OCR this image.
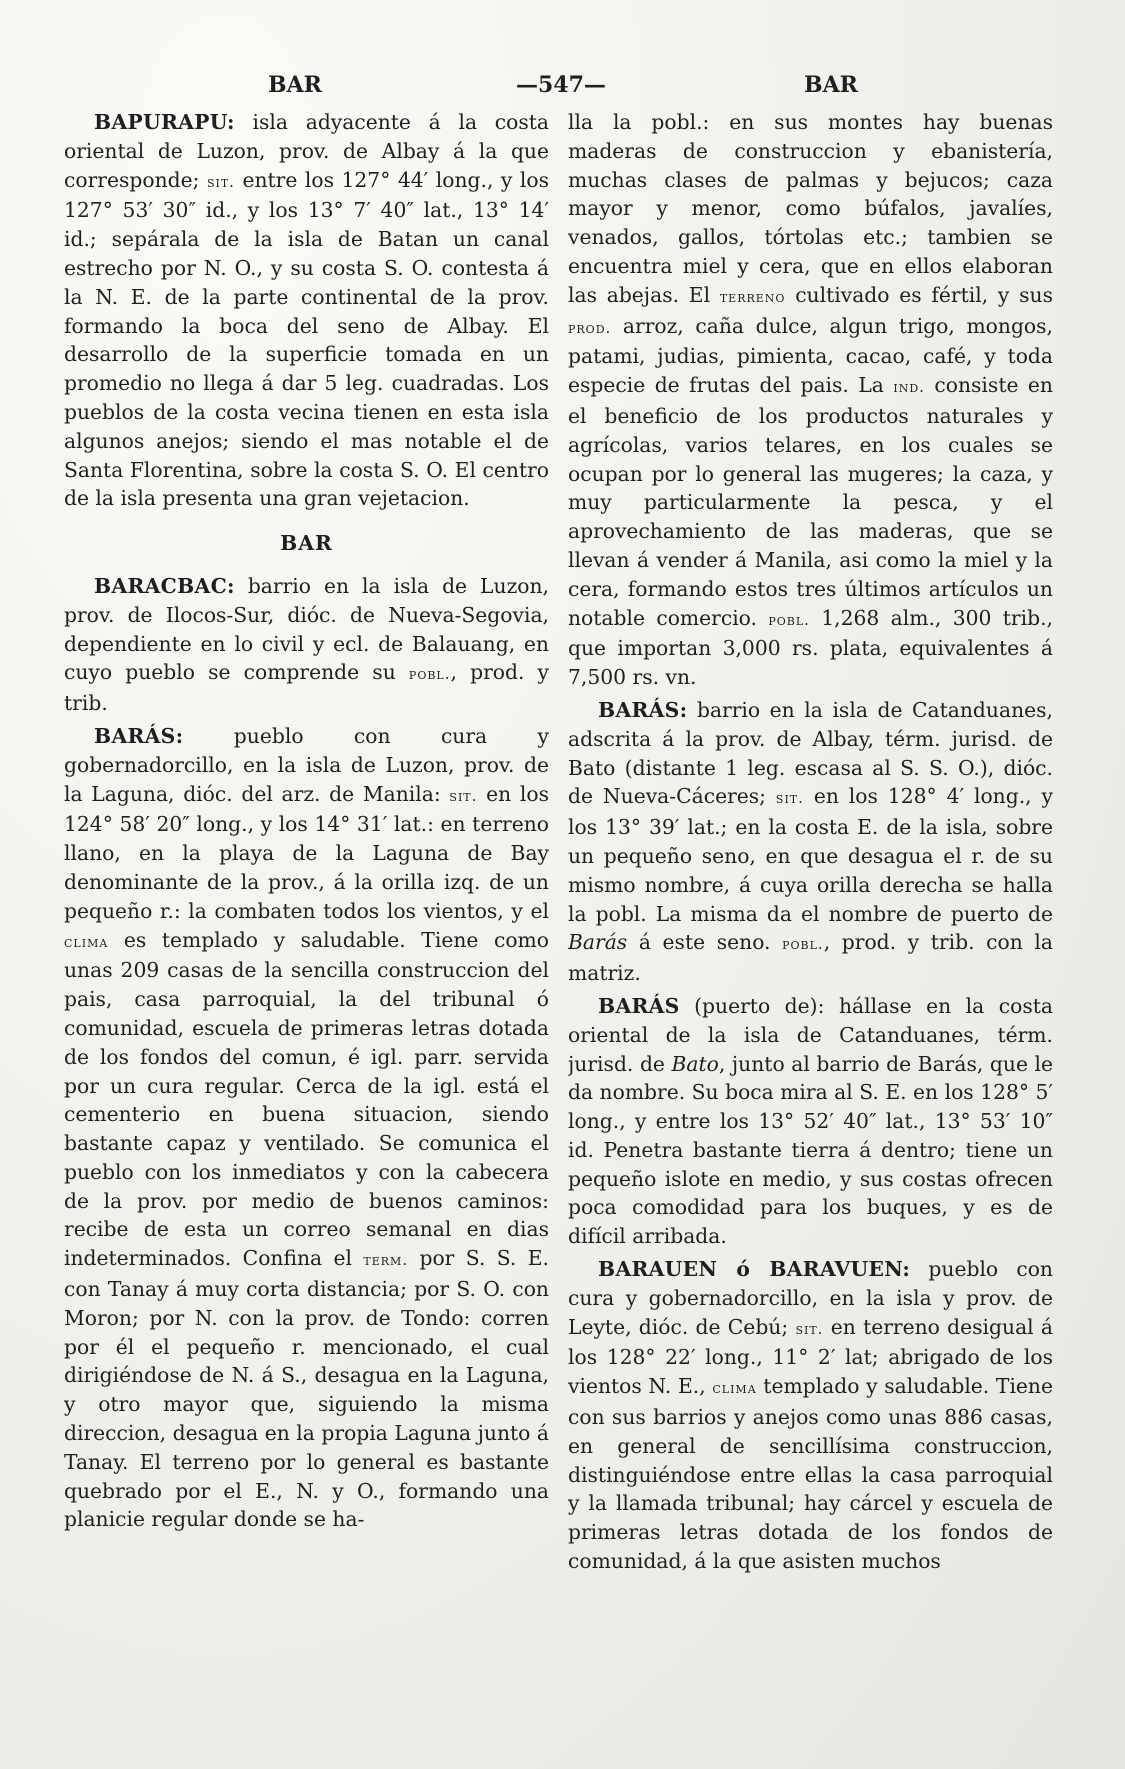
BAR	—547—	BAR

BAPURAPU: isla adyacente á la costa oriental de Luzon, prov. de Albay á la que corresponde; sit. entre los 127° 44′ long., y los 127° 53′ 30″ id., y los 13° 7′ 40″ lat., 13° 14′ id.; sepárala de la isla de Batan un canal estrecho por N. O., y su costa S. O. contesta á la N. E. de la parte continental de la prov. formando la boca del seno de Albay. El desarrollo de la superficie tomada en un promedio no llega á dar 5 leg. cuadradas. Los pueblos de la costa vecina tienen en esta isla algunos anejos; siendo el mas notable el de Santa Florentina, sobre la costa S. O. El centro de la isla presenta una gran vejetacion.

BAR

BARACBAC: barrio en la isla de Luzon, prov. de Ilocos-Sur, dióc. de Nueva-Segovia, dependiente en lo civil y ecl. de Balauang, en cuyo pueblo se comprende su pobl., prod. y trib.

BARÁS: pueblo con cura y gobernadorcillo, en la isla de Luzon, prov. de la Laguna, dióc. del arz. de Manila: sit. en los 124° 58′ 20″ long., y los 14° 31′ lat.: en terreno llano, en la playa de la Laguna de Bay denominante de la prov., á la orilla izq. de un pequeño r.: la combaten todos los vientos, y el clima es templado y saludable. Tiene como unas 209 casas de la sencilla construccion del pais, casa parroquial, la del tribunal ó comunidad, escuela de primeras letras dotada de los fondos del comun, é igl. parr. servida por un cura regular. Cerca de la igl. está el cementerio en buena situacion, siendo bastante capaz y ventilado. Se comunica el pueblo con los inmediatos y con la cabecera de la prov. por medio de buenos caminos: recibe de esta un correo semanal en dias indeterminados. Confina el term. por S. S. E. con Tanay á muy corta distancia; por S. O. con Moron; por N. con la prov. de Tondo: corren por él el pequeño r. mencionado, el cual dirigiéndose de N. á S., desagua en la Laguna, y otro mayor que, siguiendo la misma direccion, desagua en la propia Laguna junto á Tanay. El terreno por lo general es bastante quebrado por el E., N. y O., formando una planicie regular donde se ha-

lla la pobl.: en sus montes hay buenas maderas de construccion y ebanistería, muchas clases de palmas y bejucos; caza mayor y menor, como búfalos, javalíes, venados, gallos, tórtolas etc.; tambien se encuentra miel y cera, que en ellos elaboran las abejas. El terreno cultivado es fértil, y sus prod. arroz, caña dulce, algun trigo, mongos, patami, judias, pimienta, cacao, café, y toda especie de frutas del pais. La ind. consiste en el beneficio de los productos naturales y agrícolas, varios telares, en los cuales se ocupan por lo general las mugeres; la caza, y muy particularmente la pesca, y el aprovechamiento de las maderas, que se llevan á vender á Manila, asi como la miel y la cera, formando estos tres últimos artículos un notable comercio. pobl. 1,268 alm., 300 trib., que importan 3,000 rs. plata, equivalentes á 7,500 rs. vn.

BARÁS: barrio en la isla de Catanduanes, adscrita á la prov. de Albay, térm. jurisd. de Bato (distante 1 leg. escasa al S. S. O.), dióc. de Nueva-Cáceres; sit. en los 128° 4′ long., y los 13° 39′ lat.; en la costa E. de la isla, sobre un pequeño seno, en que desagua el r. de su mismo nombre, á cuya orilla derecha se halla la pobl. La misma da el nombre de puerto de Barás á este seno. pobl., prod. y trib. con la matriz.

BARÁS (puerto de): hállase en la costa oriental de la isla de Catanduanes, térm. jurisd. de Bato, junto al barrio de Barás, que le da nombre. Su boca mira al S. E. en los 128° 5′ long., y entre los 13° 52′ 40″ lat., 13° 53′ 10″ id. Penetra bastante tierra á dentro; tiene un pequeño islote en medio, y sus costas ofrecen poca comodidad para los buques, y es de difícil arribada.

BARAUEN ó BARAVUEN: pueblo con cura y gobernadorcillo, en la isla y prov. de Leyte, dióc. de Cebú; sit. en terreno desigual á los 128° 22′ long., 11° 2′ lat; abrigado de los vientos N. E., clima templado y saludable. Tiene con sus barrios y anejos como unas 886 casas, en general de sencillísima construccion, distinguiéndose entre ellas la casa parroquial y la llamada tribunal; hay cárcel y escuela de primeras letras dotada de los fondos de comunidad, á la que asisten muchos
